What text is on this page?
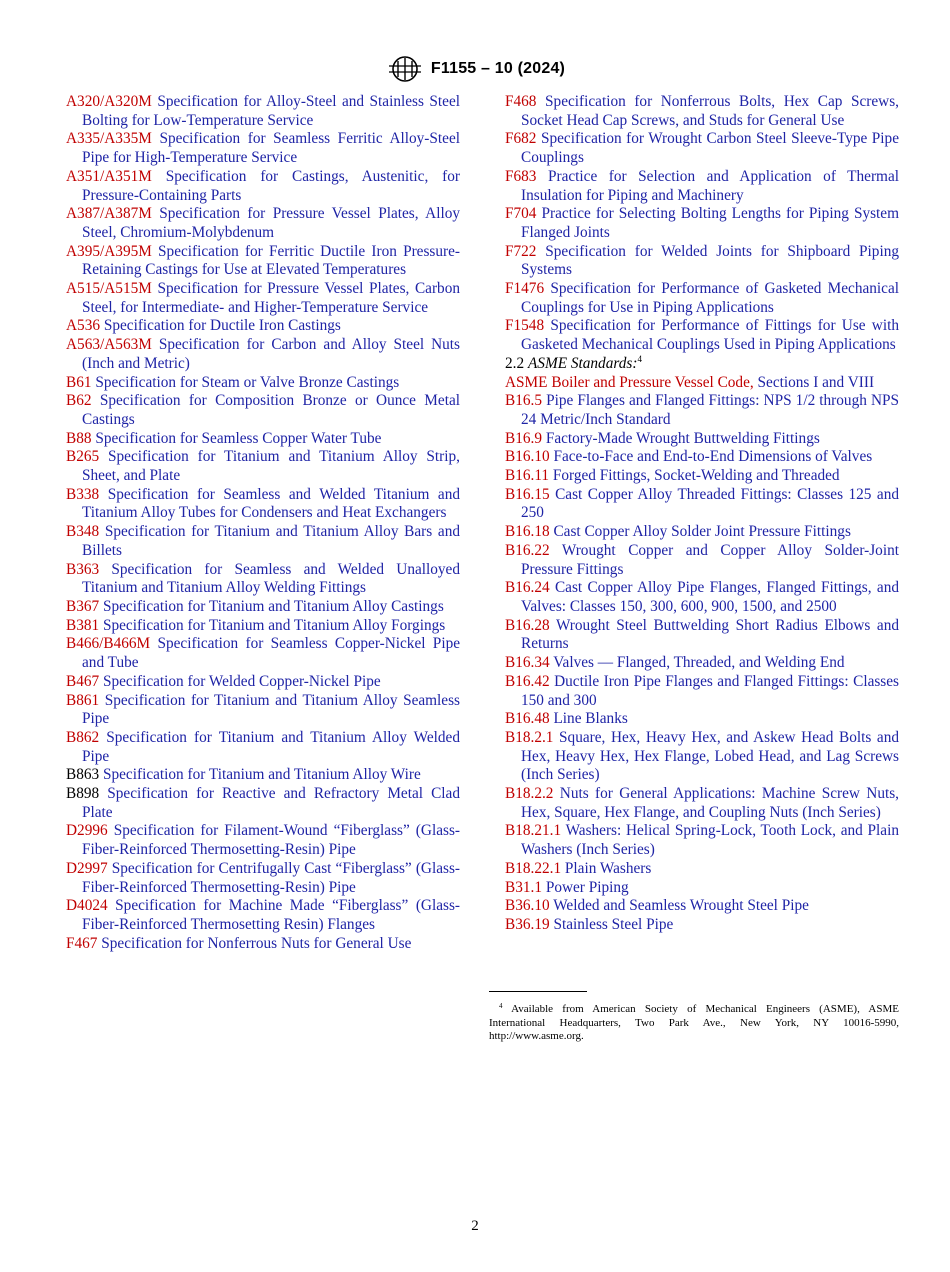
F1155 – 10 (2024)

A320/A320M Specification for Alloy-Steel and Stainless Steel Bolting for Low-Temperature Service

A335/A335M Specification for Seamless Ferritic Alloy-Steel Pipe for High-Temperature Service

A351/A351M Specification for Castings, Austenitic, for Pressure-Containing Parts

A387/A387M Specification for Pressure Vessel Plates, Alloy Steel, Chromium-Molybdenum

A395/A395M Specification for Ferritic Ductile Iron Pressure-Retaining Castings for Use at Elevated Temperatures

A515/A515M Specification for Pressure Vessel Plates, Carbon Steel, for Intermediate- and Higher-Temperature Service

A536 Specification for Ductile Iron Castings

A563/A563M Specification for Carbon and Alloy Steel Nuts (Inch and Metric)

B61 Specification for Steam or Valve Bronze Castings

B62 Specification for Composition Bronze or Ounce Metal Castings

B88 Specification for Seamless Copper Water Tube

B265 Specification for Titanium and Titanium Alloy Strip, Sheet, and Plate

B338 Specification for Seamless and Welded Titanium and Titanium Alloy Tubes for Condensers and Heat Exchangers

B348 Specification for Titanium and Titanium Alloy Bars and Billets

B363 Specification for Seamless and Welded Unalloyed Titanium and Titanium Alloy Welding Fittings

B367 Specification for Titanium and Titanium Alloy Castings

B381 Specification for Titanium and Titanium Alloy Forgings

B466/B466M Specification for Seamless Copper-Nickel Pipe and Tube

B467 Specification for Welded Copper-Nickel Pipe

B861 Specification for Titanium and Titanium Alloy Seamless Pipe

B862 Specification for Titanium and Titanium Alloy Welded Pipe

B863 Specification for Titanium and Titanium Alloy Wire

B898 Specification for Reactive and Refractory Metal Clad Plate

D2996 Specification for Filament-Wound “Fiberglass” (Glass-Fiber-Reinforced Thermosetting-Resin) Pipe

D2997 Specification for Centrifugally Cast “Fiberglass” (Glass-Fiber-Reinforced Thermosetting-Resin) Pipe

D4024 Specification for Machine Made “Fiberglass” (Glass-Fiber-Reinforced Thermosetting Resin) Flanges

F467 Specification for Nonferrous Nuts for General Use

F468 Specification for Nonferrous Bolts, Hex Cap Screws, Socket Head Cap Screws, and Studs for General Use

F682 Specification for Wrought Carbon Steel Sleeve-Type Pipe Couplings

F683 Practice for Selection and Application of Thermal Insulation for Piping and Machinery

F704 Practice for Selecting Bolting Lengths for Piping System Flanged Joints

F722 Specification for Welded Joints for Shipboard Piping Systems

F1476 Specification for Performance of Gasketed Mechanical Couplings for Use in Piping Applications

F1548 Specification for Performance of Fittings for Use with Gasketed Mechanical Couplings Used in Piping Applications

2.2 ASME Standards:$^4$

ASME Boiler and Pressure Vessel Code, Sections I and VIII

B16.5 Pipe Flanges and Flanged Fittings: NPS 1/2 through NPS 24 Metric/Inch Standard

B16.9 Factory-Made Wrought Buttwelding Fittings

B16.10 Face-to-Face and End-to-End Dimensions of Valves

B16.11 Forged Fittings, Socket-Welding and Threaded

B16.15 Cast Copper Alloy Threaded Fittings: Classes 125 and 250

B16.18 Cast Copper Alloy Solder Joint Pressure Fittings

B16.22 Wrought Copper and Copper Alloy Solder-Joint Pressure Fittings

B16.24 Cast Copper Alloy Pipe Flanges, Flanged Fittings, and Valves: Classes 150, 300, 600, 900, 1500, and 2500

B16.28 Wrought Steel Buttwelding Short Radius Elbows and Returns

B16.34 Valves — Flanged, Threaded, and Welding End

B16.42 Ductile Iron Pipe Flanges and Flanged Fittings: Classes 150 and 300

B16.48 Line Blanks

B18.2.1 Square, Hex, Heavy Hex, and Askew Head Bolts and Hex, Heavy Hex, Hex Flange, Lobed Head, and Lag Screws (Inch Series)

B18.2.2 Nuts for General Applications: Machine Screw Nuts, Hex, Square, Hex Flange, and Coupling Nuts (Inch Series)

B18.21.1 Washers: Helical Spring-Lock, Tooth Lock, and Plain Washers (Inch Series)

B18.22.1 Plain Washers

B31.1 Power Piping

B36.10 Welded and Seamless Wrought Steel Pipe

B36.19 Stainless Steel Pipe

$^4$ Available from American Society of Mechanical Engineers (ASME), ASME International Headquarters, Two Park Ave., New York, NY 10016-5990, http://www.asme.org.

2
